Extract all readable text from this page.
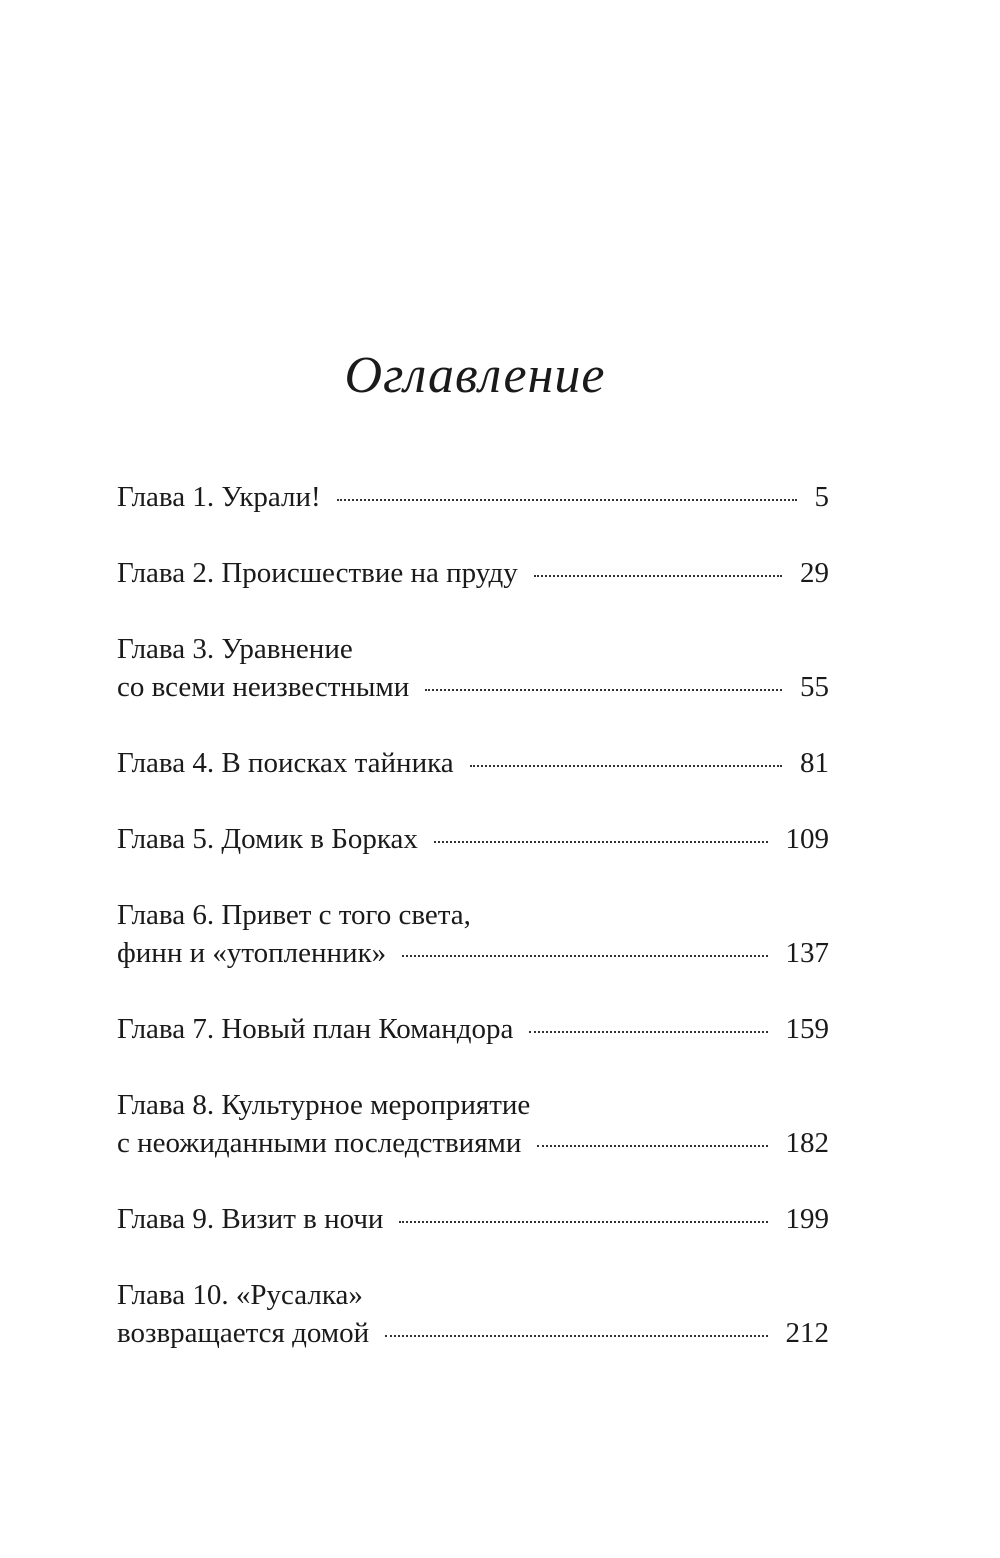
Оглавление
Глава 1. Украли!	5
Глава 2. Происшествие на пруду	29
Глава 3. Уравнение
со всеми неизвестными	55
Глава 4. В поисках тайника	81
Глава 5. Домик в Борках	109
Глава 6. Привет с того света,
финн и «утопленник»	137
Глава 7. Новый план Командора	159
Глава 8. Культурное мероприятие
с неожиданными последствиями	182
Глава 9. Визит в ночи	199
Глава 10. «Русалка»
возвращается домой	212
